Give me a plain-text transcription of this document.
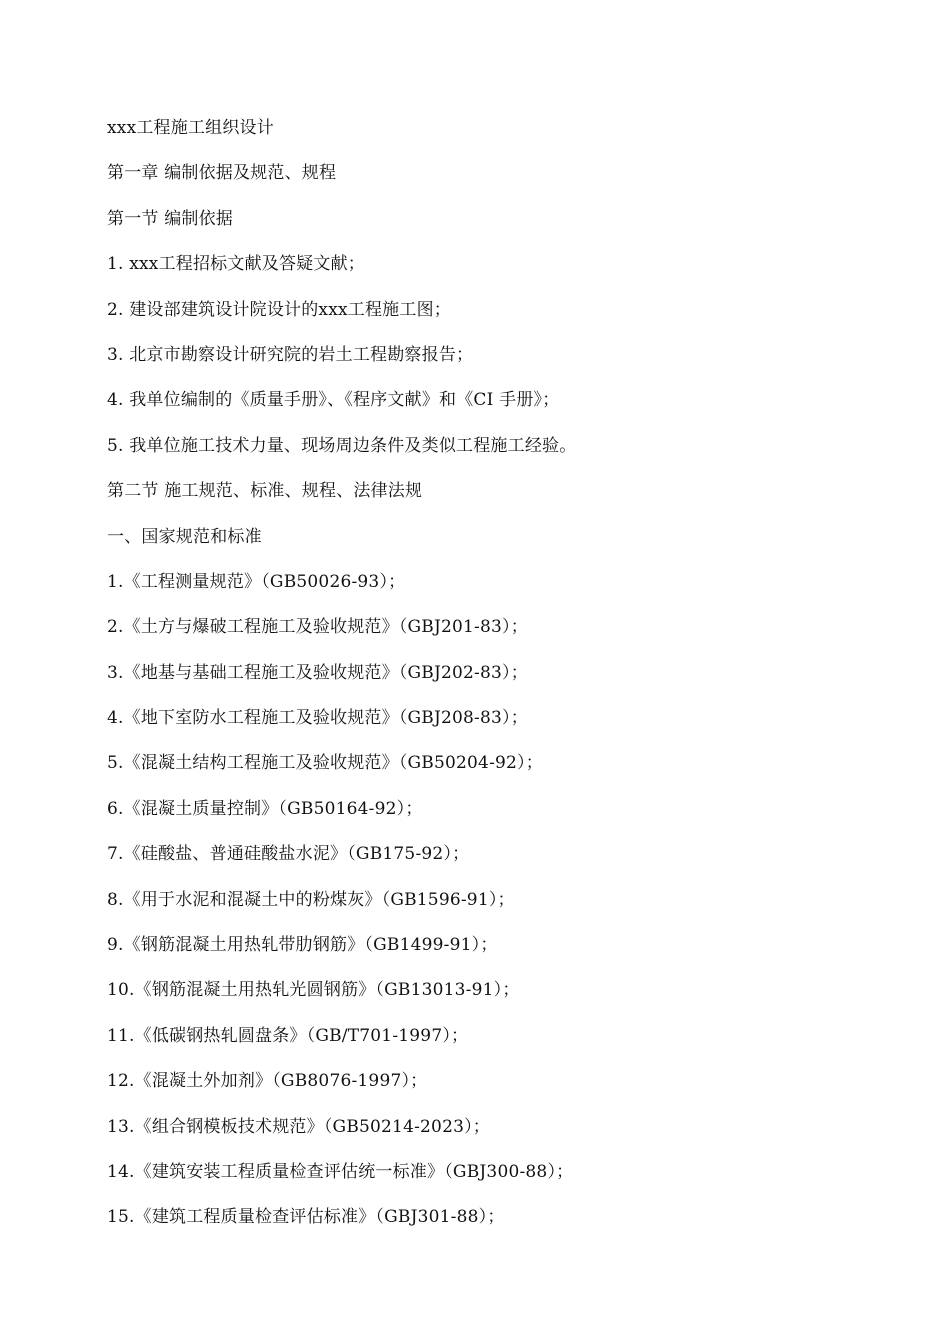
xxx工程施工组织设计
第一章 编制依据及规范、规程
第一节 编制依据
1. xxx工程招标文献及答疑文献；
2. 建设部建筑设计院设计的xxx工程施工图；
3. 北京市勘察设计研究院的岩土工程勘察报告；
4. 我单位编制的《质量手册》、《程序文献》和《CI 手册》；
5. 我单位施工技术力量、现场周边条件及类似工程施工经验。
第二节 施工规范、标准、规程、法律法规
一、国家规范和标准
1.《工程测量规范》（GB50026-93）；
2.《土方与爆破工程施工及验收规范》（GBJ201-83）；
3.《地基与基础工程施工及验收规范》（GBJ202-83）；
4.《地下室防水工程施工及验收规范》（GBJ208-83）；
5.《混凝土结构工程施工及验收规范》（GB50204-92）；
6.《混凝土质量控制》（GB50164-92）；
7.《硅酸盐、普通硅酸盐水泥》（GB175-92）；
8.《用于水泥和混凝土中的粉煤灰》（GB1596-91）；
9.《钢筋混凝土用热轧带肋钢筋》（GB1499-91）；
10.《钢筋混凝土用热轧光圆钢筋》（GB13013-91）；
11.《低碳钢热轧圆盘条》（GB/T701-1997）；
12.《混凝土外加剂》（GB8076-1997）；
13.《组合钢模板技术规范》（GB50214-2023）；
14.《建筑安装工程质量检查评估统一标准》（GBJ300-88）；
15.《建筑工程质量检查评估标准》（GBJ301-88）；
